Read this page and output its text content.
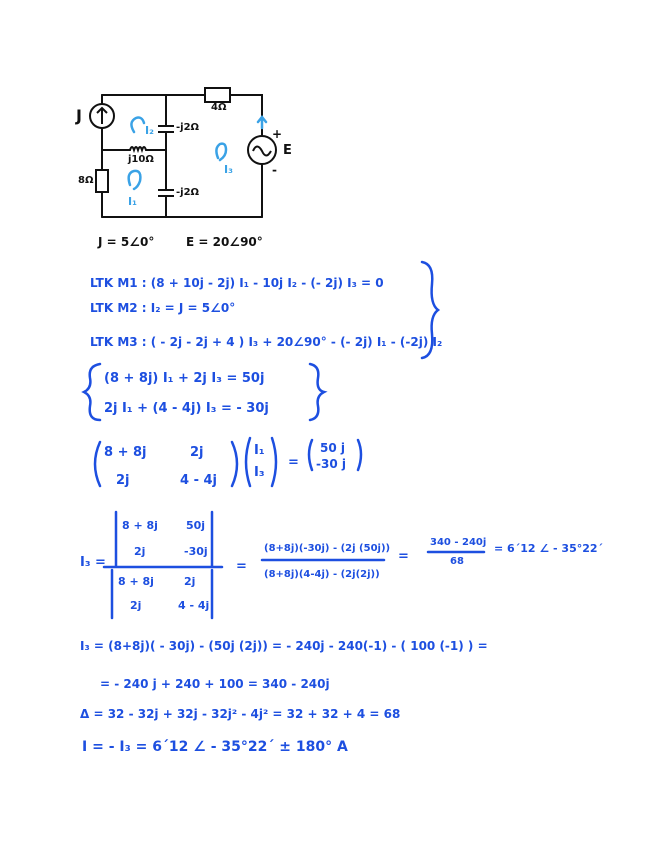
J
E
4Ω
8Ω
-j2Ω
-j2Ω
j10Ω
I₁
I₂
I₃
+
-
J = 5∠0°	E = 20∠90°
LTK M1 : (8 + 10j - 2j) I₁ - 10j I₂ - (- 2j) I₃ = 0
LTK M2 : I₂ = J = 5∠0°
LTK M3 : ( - 2j - 2j + 4 ) I₃ + 20∠90° - (- 2j) I₁ - (-2j) I₂
(8 + 8j) I₁ + 2j I₃ = 50j
2j I₁ + (4 - 4j) I₃ = - 30j
8 + 8j	2j
2j	4 - 4j
I₁
I₃
=
50 j
-30 j
I₃ =
8 + 8j	50j
2j	-30j
8 + 8j	2j
2j	4 - 4j
=
(8+8j)(-30j) - (2j (50j))
(8+8j)(4-4j) - (2j(2j))
=
340 - 240j
68
= 6´12 ∠ - 35°22´
I₃ = (8+8j)( - 30j) - (50j (2j)) = - 240j - 240(-1) - ( 100 (-1) ) =
= - 240 j + 240 + 100 = 340 - 240j
Δ = 32 - 32j + 32j - 32j² - 4j² = 32 + 32 + 4 = 68
I = - I₃ = 6´12 ∠ - 35°22´ ± 180° A
